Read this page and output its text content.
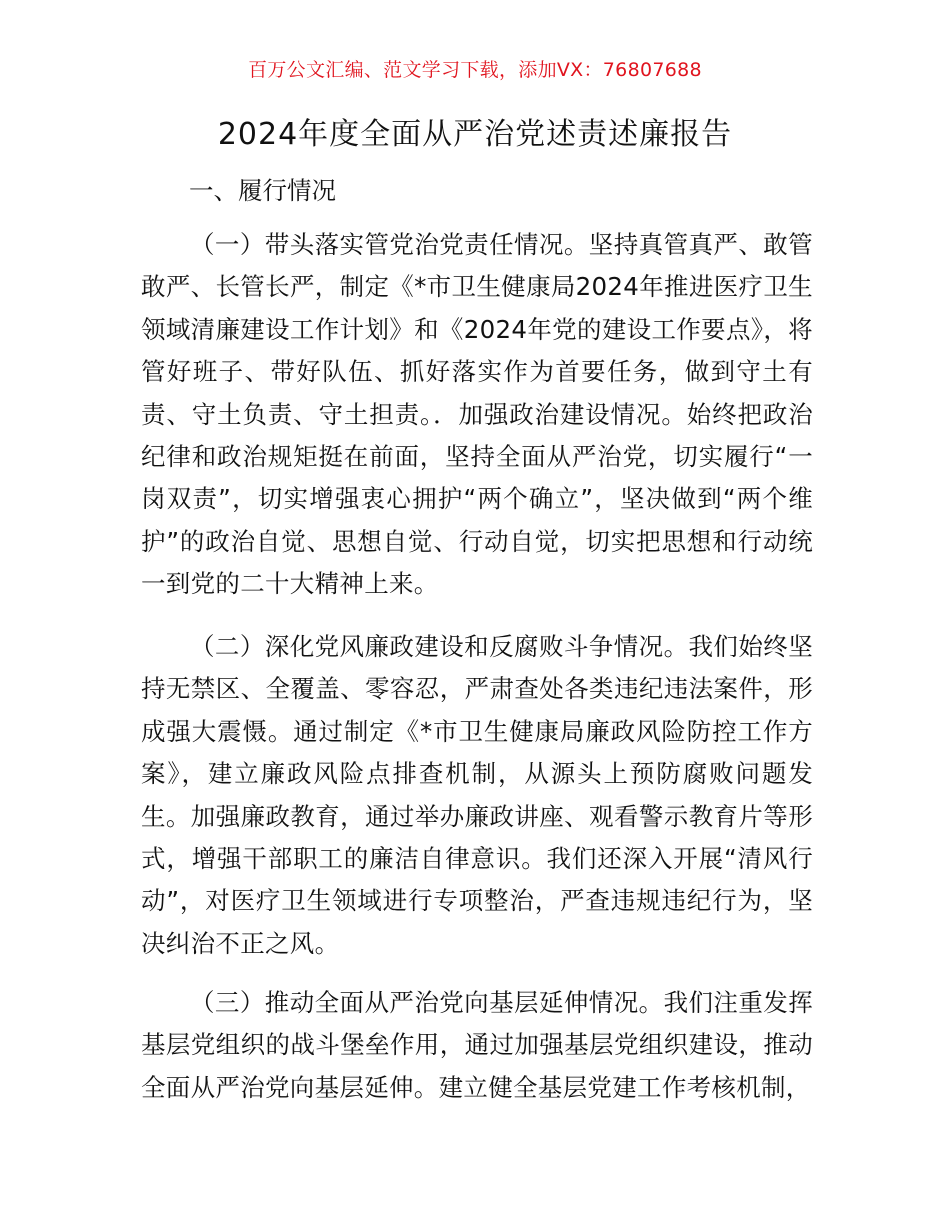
百万公文汇编、范文学习下载，添加VX：76807688
2024年度全面从严治党述责述廉报告
一、履行情况
（一）带头落实管党治党责任情况。坚持真管真严、敢管敢严、长管长严，制定《*市卫生健康局2024年推进医疗卫生领域清廉建设工作计划》和《2024年党的建设工作要点》，将管好班子、带好队伍、抓好落实作为首要任务，做到守土有责、守土负责、守土担责。．加强政治建设情况。始终把政治纪律和政治规矩挺在前面，坚持全面从严治党，切实履行“一岗双责”，切实增强衷心拥护“两个确立”，坚决做到“两个维护”的政治自觉、思想自觉、行动自觉，切实把思想和行动统一到党的二十大精神上来。
（二）深化党风廉政建设和反腐败斗争情况。我们始终坚持无禁区、全覆盖、零容忍，严肃查处各类违纪违法案件，形成强大震慑。通过制定《*市卫生健康局廉政风险防控工作方案》，建立廉政风险点排查机制，从源头上预防腐败问题发生。加强廉政教育，通过举办廉政讲座、观看警示教育片等形式，增强干部职工的廉洁自律意识。我们还深入开展“清风行动”，对医疗卫生领域进行专项整治，严查违规违纪行为，坚决纠治不正之风。
（三）推动全面从严治党向基层延伸情况。我们注重发挥基层党组织的战斗堡垒作用，通过加强基层党组织建设，推动全面从严治党向基层延伸。建立健全基层党建工作考核机制，
